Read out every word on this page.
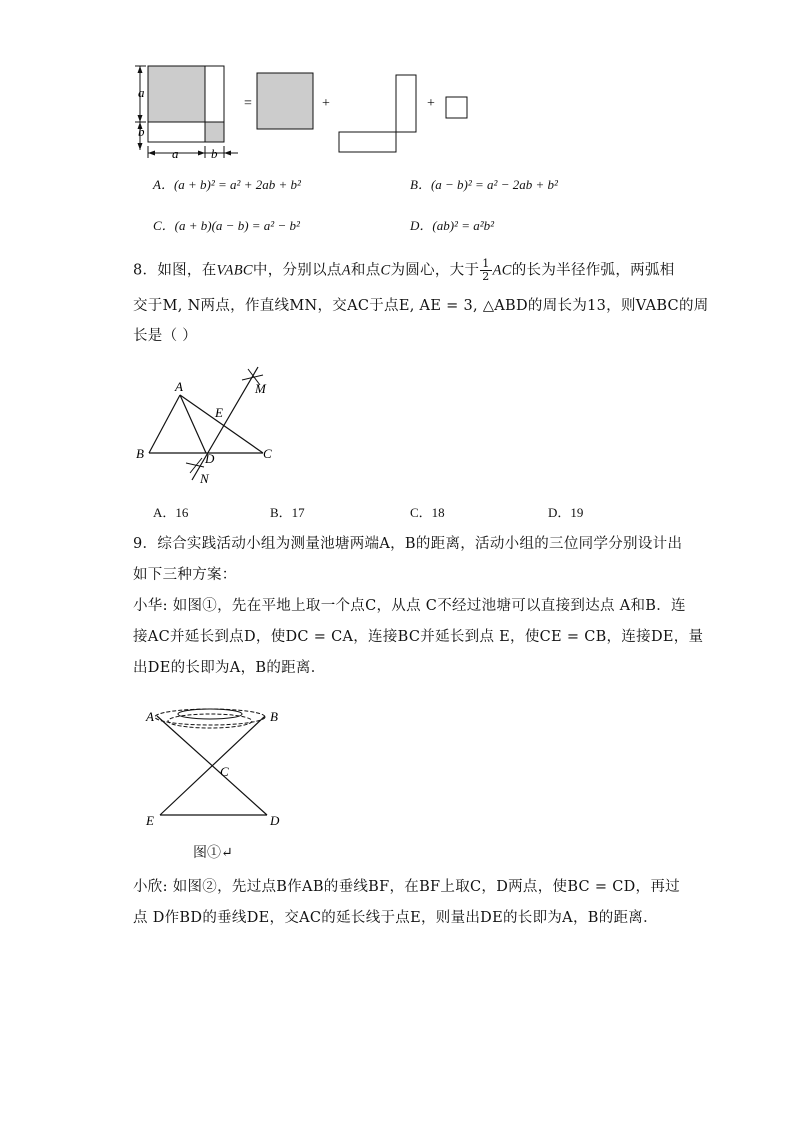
a
b
a	b
=	+	+
A．(a + b)² = a² + 2ab + b²	B．(a − b)² = a² − 2ab + b²
C．(a + b)(a − b) = a² − b²	D．(ab)² = a²b²
8．如图，在VABC中，分别以点A和点C为圆心，大于 $\frac{1}{2}$ AC的长为半径作弧，两弧相
交于M, N两点，作直线MN，交AC于点E, AE = 3, △ABD的周长为13，则VABC的周
长是（ ）
A
B	C
D
E
M
N
A．16	B．17	C．18	D．19
9．综合实践活动小组为测量池塘两端A，B的距离，活动小组的三位同学分别设计出
如下三种方案：
小华: 如图①，先在平地上取一个点C，从点 C不经过池塘可以直接到达点 A和B．连
接AC并延长到点D，使DC = CA，连接BC并延长到点 E，使CE = CB，连接DE，量
出DE的长即为A，B的距离．
A	B
C
E	D
图①↵
小欣: 如图②，先过点B作AB的垂线BF，在BF上取C，D两点，使BC = CD，再过
点 D作BD的垂线DE，交AC的延长线于点E，则量出DE的长即为A，B的距离．
